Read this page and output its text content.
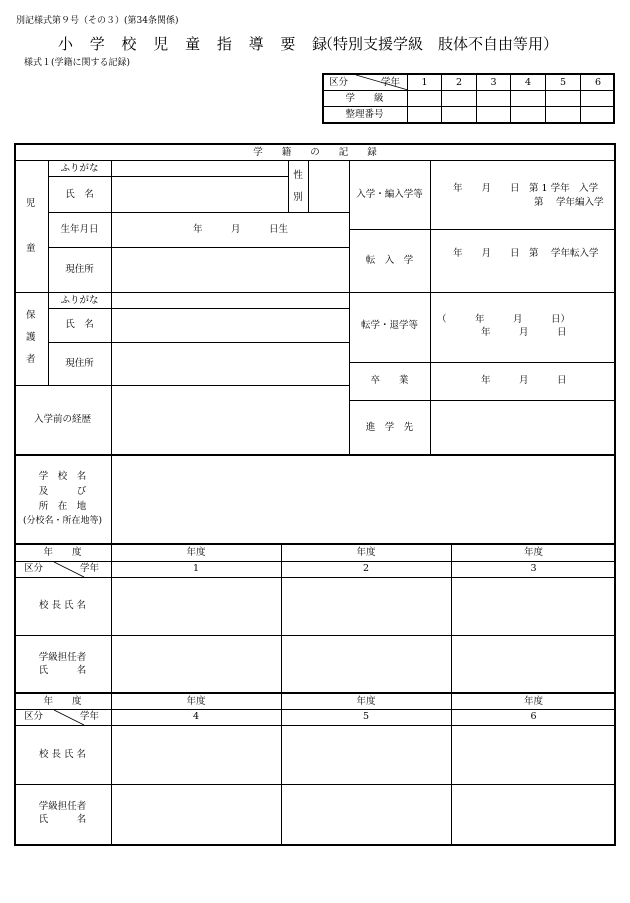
別記様式第９号（その３）(第34条関係)
小 学 校 児 童 指 導 要 録
（特別支援学級　肢体不自由等用）
様式１(学籍に関する記録)
区分	学年	1	2	3	4	5	6
学　　級
整理番号
学　　籍　　の　　記　　録
児
童
ふりがな
氏　名
性
別
生年月日	年　　　月　　　日生
現住所
保
護
者
ふりがな
氏　名
現住所
入学前の経歴
入学・編入学等
年　　月　　日　第 1 学年　入学
第　 学年編入学
転　入　学
年　　月　　日　第　 学年転入学
転学・退学等
（　　　年　　　月　　　日）
年　　　月　　　日
卒　　業	年　　　月　　　日
進　学　先
学　校　名
及　　　び
所　在　地
(分校名・所在地等)
年　　度	年度	年度	年度
区分	学年	1	2	3
校 長 氏 名
学級担任者
氏　　　名
年　　度	年度	年度	年度
区分	学年	4	5	6
校 長 氏 名
学級担任者
氏　　　名
